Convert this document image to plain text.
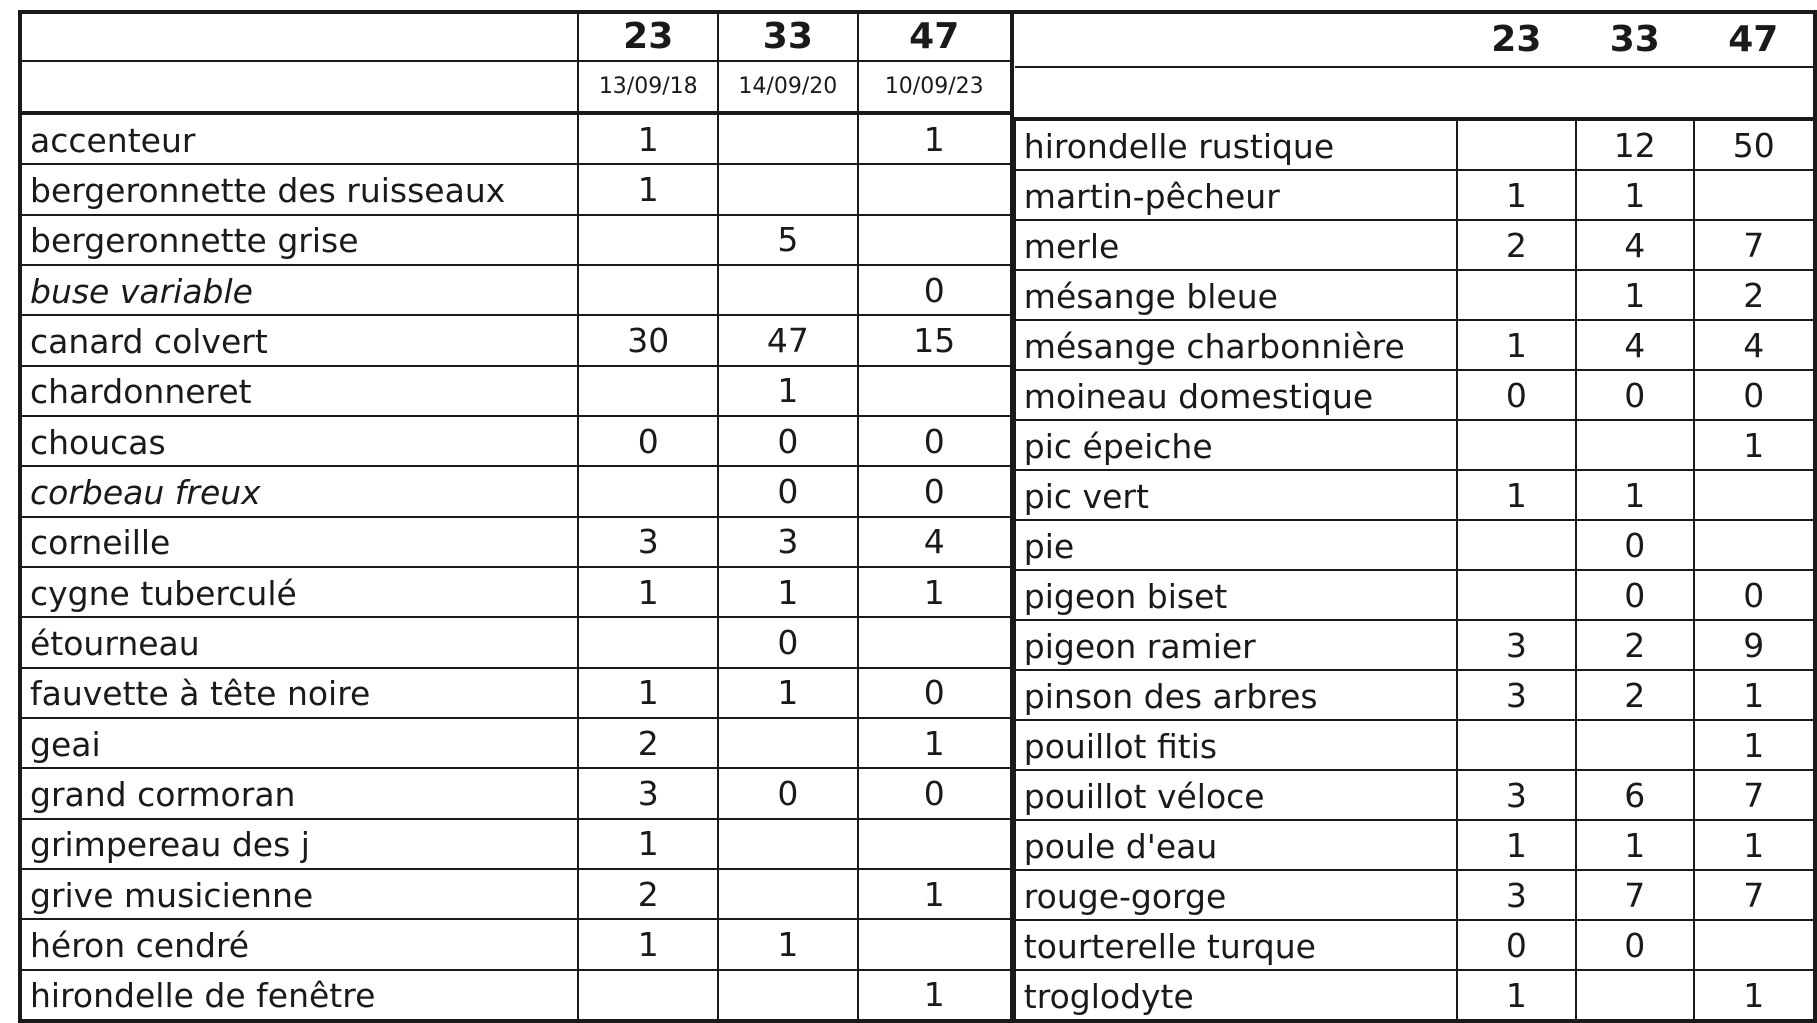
	23	33	47
	13/09/18	14/09/20	10/09/23
accenteur	1		1
bergeronnette des ruisseaux	1		
bergeronnette grise		5	
buse variable			0
canard colvert	30	47	15
chardonneret		1	
choucas	0	0	0
corbeau freux		0	0
corneille	3	3	4
cygne tuberculé	1	1	1
étourneau		0	
fauvette à tête noire	1	1	0
geai	2		1
grand cormoran	3	0	0
grimpereau des j	1		
grive musicienne	2		1
héron cendré	1	1	
hirondelle de fenêtre			1
	23	33	47

hirondelle rustique		12	50
martin-pêcheur	1	1	
merle	2	4	7
mésange bleue		1	2
mésange charbonnière	1	4	4
moineau domestique	0	0	0
pic épeiche			1
pic vert	1	1	
pie		0	
pigeon biset		0	0
pigeon ramier	3	2	9
pinson des arbres	3	2	1
pouillot fitis			1
pouillot véloce	3	6	7
poule d'eau	1	1	1
rouge-gorge	3	7	7
tourterelle turque	0	0	
troglodyte	1		1
